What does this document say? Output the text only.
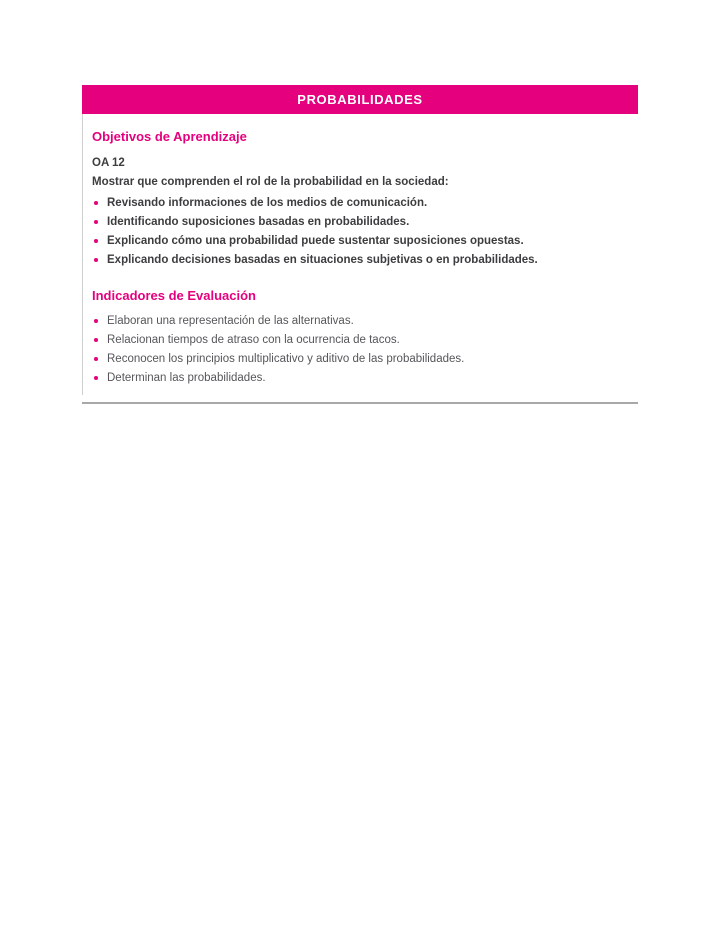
PROBABILIDADES
Objetivos de Aprendizaje

OA 12

Mostrar que comprenden el rol de la probabilidad en la sociedad:

Revisando informaciones de los medios de comunicación.
Identificando suposiciones basadas en probabilidades.
Explicando cómo una probabilidad puede sustentar suposiciones opuestas.
Explicando decisiones basadas en situaciones subjetivas o en probabilidades.
Indicadores de Evaluación
Elaboran una representación de las alternativas.
Relacionan tiempos de atraso con la ocurrencia de tacos.
Reconocen los principios multiplicativo y aditivo de las probabilidades.
Determinan las probabilidades.
